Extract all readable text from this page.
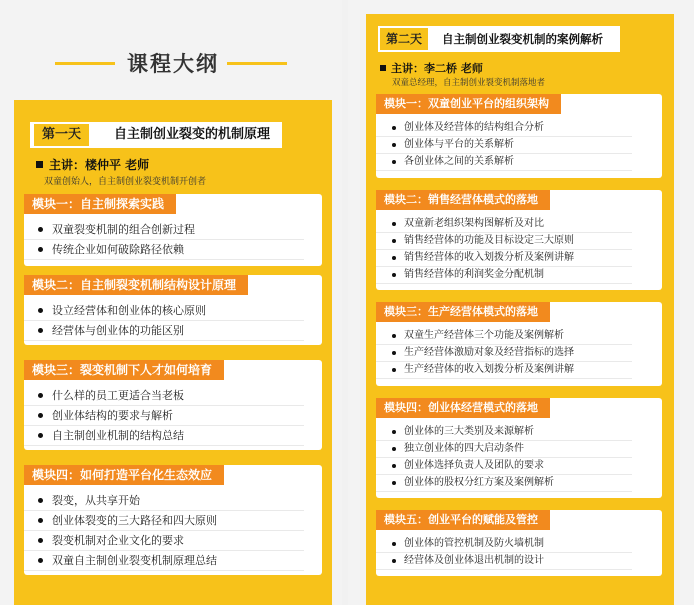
课程大纲
第一天	自主制创业裂变的机制原理
主讲：楼仲平 老师
双童创始人，自主制创业裂变机制开创者
模块一：自主制探索实践
双童裂变机制的组合创新过程
传统企业如何破除路径依赖
模块二：自主制裂变机制结构设计原理
设立经营体和创业体的核心原则
经营体与创业体的功能区别
模块三：裂变机制下人才如何培育
什么样的员工更适合当老板
创业体结构的要求与解析
自主制创业机制的结构总结
模块四：如何打造平台化生态效应
裂变，从共享开始
创业体裂变的三大路径和四大原则
裂变机制对企业文化的要求
双童自主制创业裂变机制原理总结
第二天	自主制创业裂变机制的案例解析
主讲：李二桥 老师
双童总经理，自主制创业裂变机制落地者
模块一：双童创业平台的组织架构
创业体及经营体的结构组合分析
创业体与平台的关系解析
各创业体之间的关系解析
模块二：销售经营体模式的落地
双童新老组织架构图解析及对比
销售经营体的功能及目标设定三大原则
销售经营体的收入划拨分析及案例讲解
销售经营体的利润奖金分配机制
模块三：生产经营体模式的落地
双童生产经营体三个功能及案例解析
生产经营体激励对象及经营指标的选择
生产经营体的收入划拨分析及案例讲解
模块四：创业体经营模式的落地
创业体的三大类别及来源解析
独立创业体的四大启动条件
创业体选择负责人及团队的要求
创业体的股权分红方案及案例解析
模块五：创业平台的赋能及管控
创业体的管控机制及防火墙机制
经营体及创业体退出机制的设计
